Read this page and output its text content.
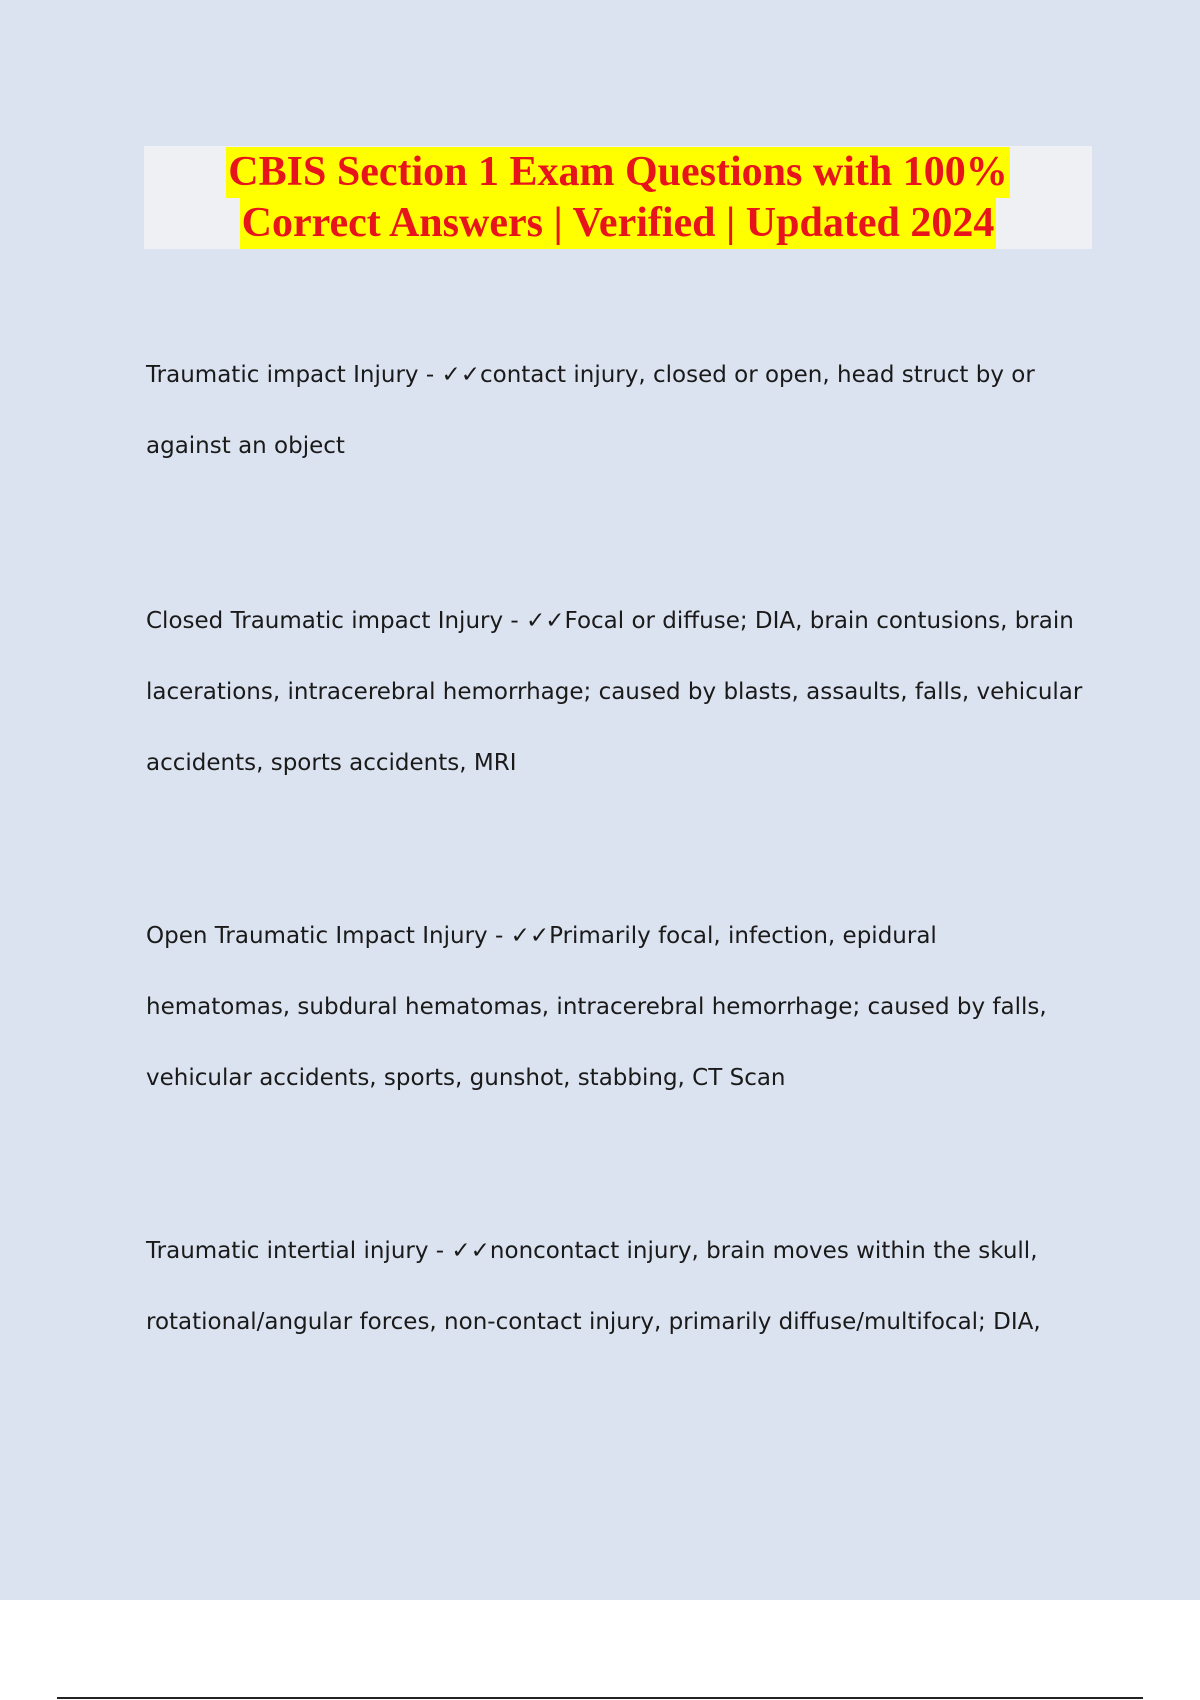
CBIS Section 1 Exam Questions with 100%
Correct Answers | Verified | Updated 2024

Traumatic impact Injury - ✓✓contact injury, closed or open, head struct by or
against an object

Closed Traumatic impact Injury - ✓✓Focal or diffuse; DIA, brain contusions, brain
lacerations, intracerebral hemorrhage; caused by blasts, assaults, falls, vehicular
accidents, sports accidents, MRI

Open Traumatic Impact Injury - ✓✓Primarily focal, infection, epidural
hematomas, subdural hematomas, intracerebral hemorrhage; caused by falls,
vehicular accidents, sports, gunshot, stabbing, CT Scan

Traumatic intertial injury - ✓✓noncontact injury, brain moves within the skull,
rotational/angular forces, non-contact injury, primarily diffuse/multifocal; DIA,
